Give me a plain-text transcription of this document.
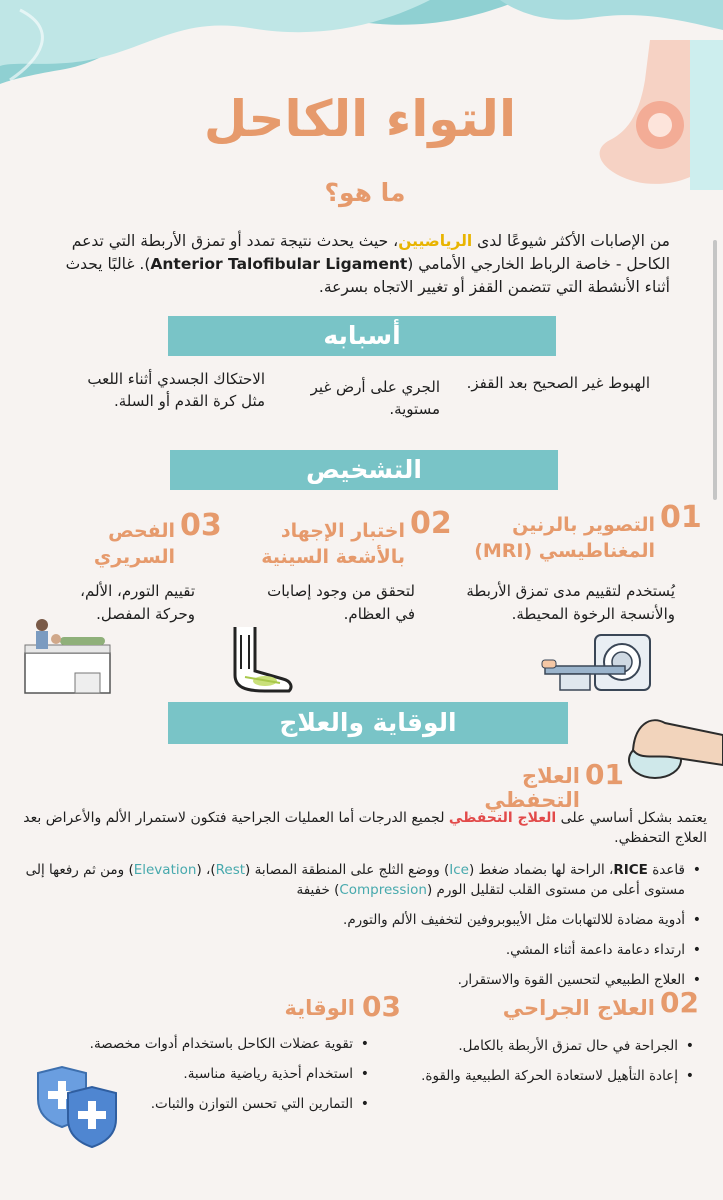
التواء الكاحل
ما هو؟
من الإصابات الأكثر شيوعًا لدى الرياضيين، حيث يحدث نتيجة تمدد أو تمزق الأربطة التي تدعم الكاحل - خاصة الرباط الخارجي الأمامي (Anterior Talofibular Ligament). غالبًا يحدث أثناء الأنشطة التي تتضمن القفز أو تغيير الاتجاه بسرعة.
أسبابه
الهبوط غير الصحيح بعد القفز.
الجري على أرض غير مستوية.
الاحتكاك الجسدي أثناء اللعب مثل كرة القدم أو السلة.
التشخيص
01
التصوير بالرنين المغناطيسي (MRI)
يُستخدم لتقييم مدى تمزق الأربطة والأنسجة الرخوة المحيطة.
02
اختبار الإجهاد بالأشعة السينية
لتحقق من وجود إصابات في العظام.
03
الفحص السريري
تقييم التورم، الألم، وحركة المفصل.
الوقاية والعلاج
01
العلاج التحفظي
يعتمد بشكل أساسي على العلاج التحفظي لجميع الدرجات أما العمليات الجراحية فتكون لاستمرار الألم والأعراض بعد العلاج التحفظي.
• قاعدة RICE، الراحة لها بضماد ضغط (Ice) ووضع الثلج على المنطقة المصابة (Rest)، (Elevation) ومن ثم رفعها إلى مستوى أعلى من مستوى القلب لتقليل الورم (Compression) خفيفة
• أدوية مضادة للالتهابات مثل الأيبوبروفين لتخفيف الألم والتورم.
• ارتداء دعامة داعمة أثناء المشي.
• العلاج الطبيعي لتحسين القوة والاستقرار.
02
العلاج الجراحي
• الجراحة في حال تمزق الأربطة بالكامل.
• إعادة التأهيل لاستعادة الحركة الطبيعية والقوة.
03
الوقاية
• تقوية عضلات الكاحل باستخدام أدوات مخصصة.
• استخدام أحذية رياضية مناسبة.
• التمارين التي تحسن التوازن والثبات.
